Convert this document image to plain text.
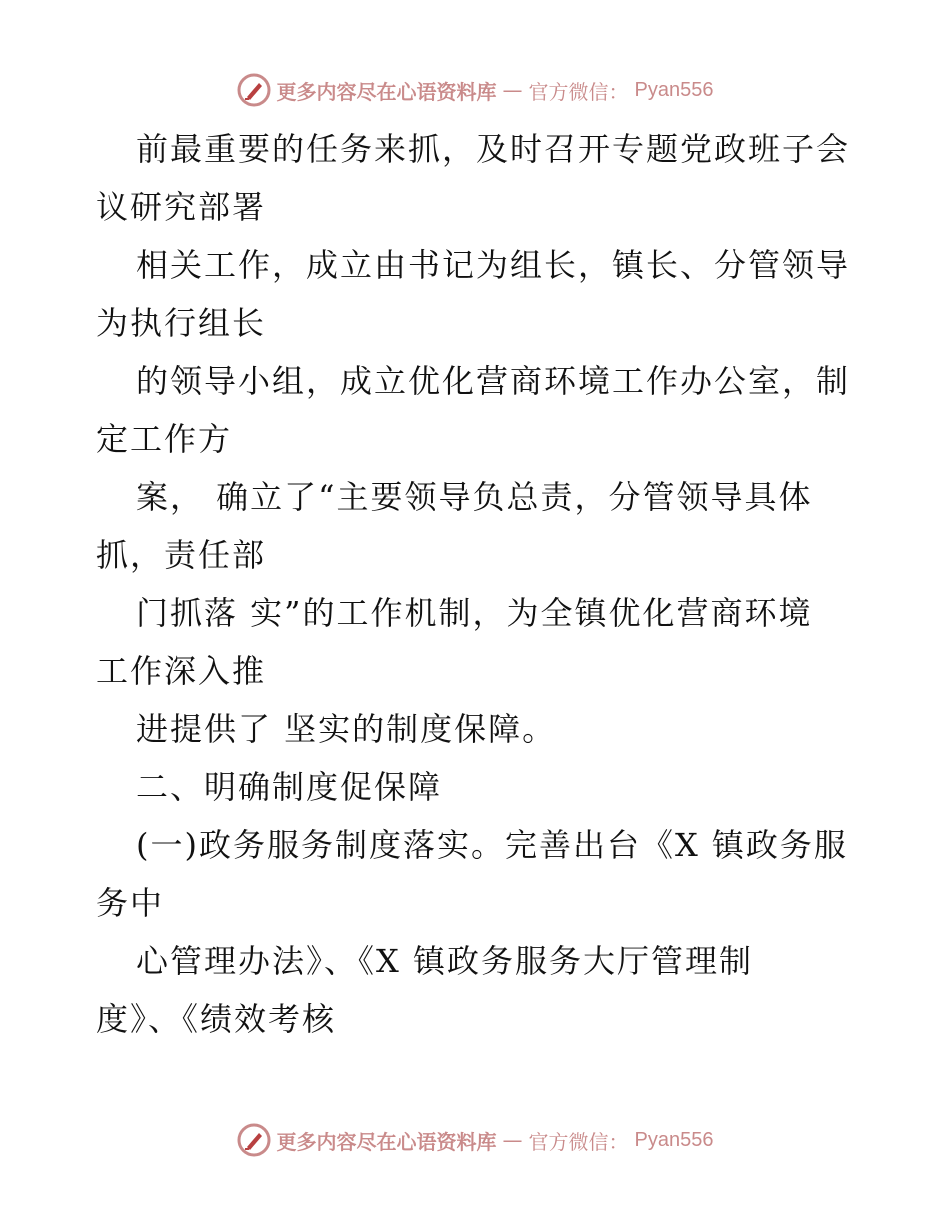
更多内容尽在心语资料库 — 官方微信： Pyan556
前最重要的任务来抓，及时召开专题党政班子会
议研究部署
相关工作，成立由书记为组长，镇长、分管领导
为执行组长
的领导小组，成立优化营商环境工作办公室，制
定工作方
案， 确立了“主要领导负总责，分管领导具体
抓，责任部
门抓落 实”的工作机制，为全镇优化营商环境
工作深入推
进提供了 坚实的制度保障。
二、明确制度促保障
(一)政务服务制度落实。完善出台《X 镇政务服
务中
心管理办法》、《X 镇政务服务大厅管理制
度》、《绩效考核
更多内容尽在心语资料库 — 官方微信： Pyan556
